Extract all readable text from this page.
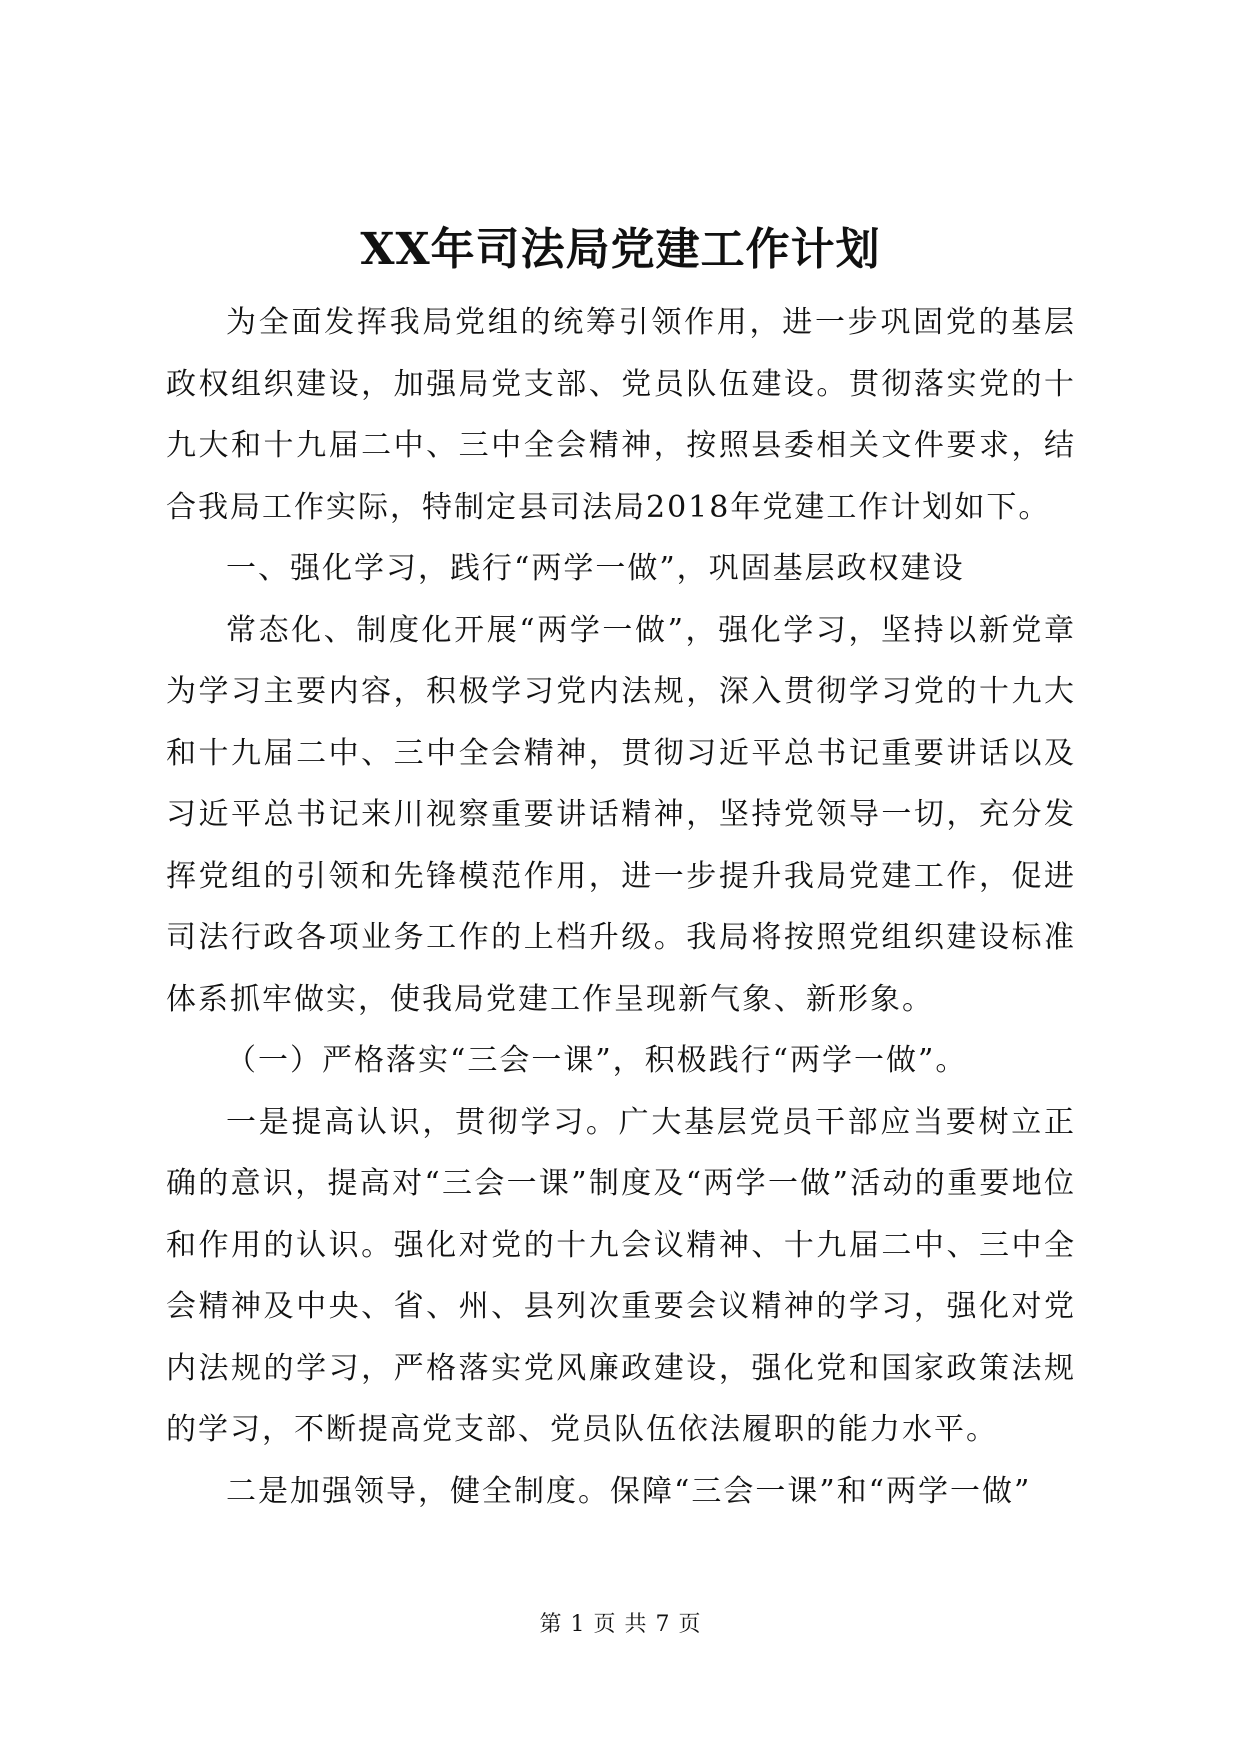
XX年司法局党建工作计划

为全面发挥我局党组的统筹引领作用，进一步巩固党的基层政权组织建设，加强局党支部、党员队伍建设。贯彻落实党的十九大和十九届二中、三中全会精神，按照县委相关文件要求，结合我局工作实际，特制定县司法局2018年党建工作计划如下。

一、强化学习，践行“两学一做”，巩固基层政权建设

常态化、制度化开展“两学一做”，强化学习，坚持以新党章为学习主要内容，积极学习党内法规，深入贯彻学习党的十九大和十九届二中、三中全会精神，贯彻习近平总书记重要讲话以及习近平总书记来川视察重要讲话精神，坚持党领导一切，充分发挥党组的引领和先锋模范作用，进一步提升我局党建工作，促进司法行政各项业务工作的上档升级。我局将按照党组织建设标准体系抓牢做实，使我局党建工作呈现新气象、新形象。

（一）严格落实“三会一课”，积极践行“两学一做”。

一是提高认识，贯彻学习。广大基层党员干部应当要树立正确的意识，提高对“三会一课”制度及“两学一做”活动的重要地位和作用的认识。强化对党的十九会议精神、十九届二中、三中全会精神及中央、省、州、县列次重要会议精神的学习，强化对党内法规的学习，严格落实党风廉政建设，强化党和国家政策法规的学习，不断提高党支部、党员队伍依法履职的能力水平。

二是加强领导，健全制度。保障“三会一课”和“两学一做”

第 1 页 共 7 页
